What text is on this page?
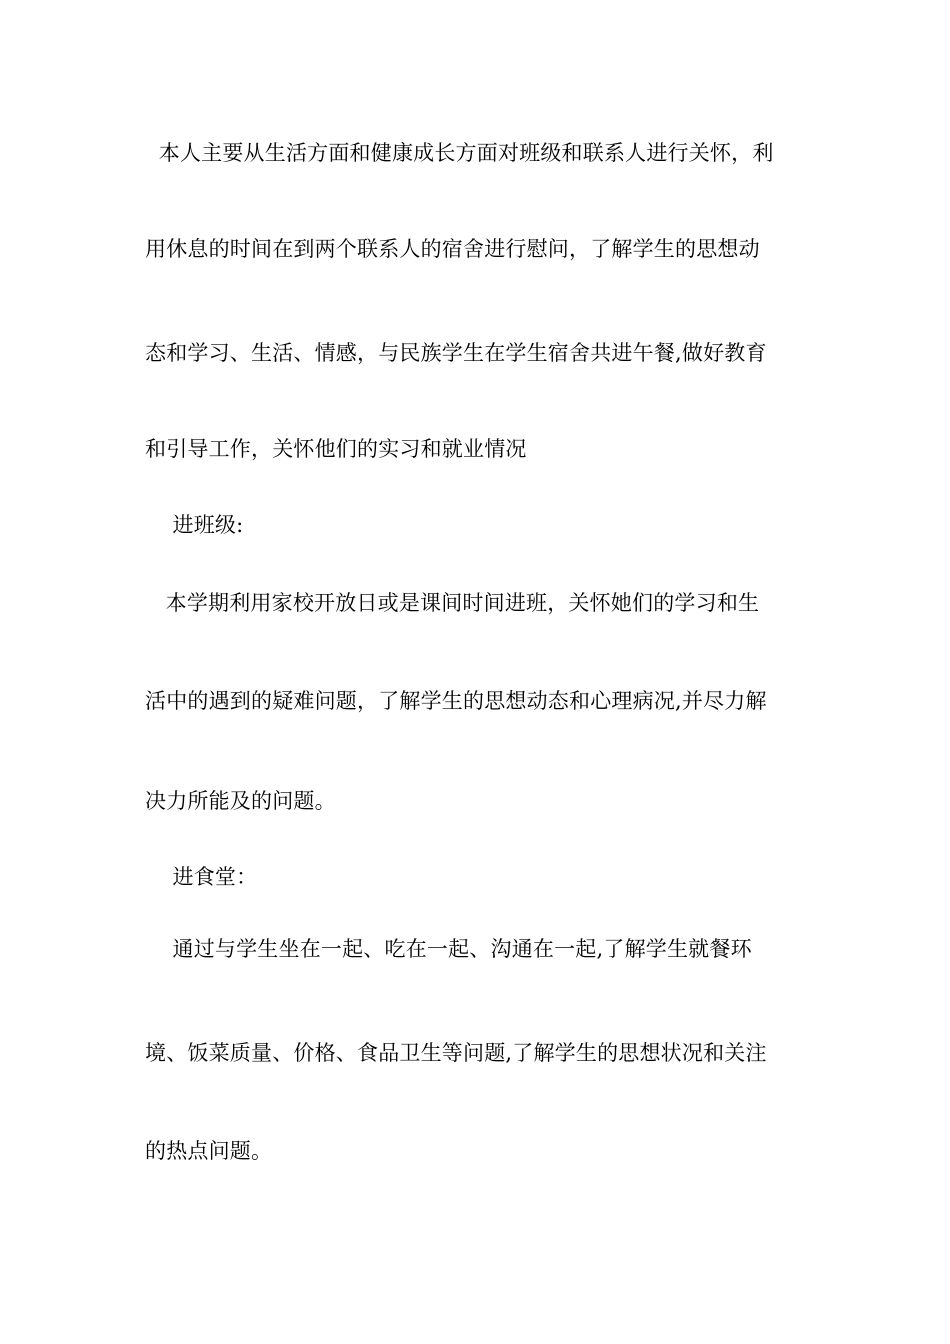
本人主要从生活方面和健康成长方面对班级和联系人进行关怀，利
用休息的时间在到两个联系人的宿舍进行慰问，了解学生的思想动
态和学习、生活、情感，与民族学生在学生宿舍共进午餐,做好教育
和引导工作，关怀他们的实习和就业情况
进班级:
本学期利用家校开放日或是课间时间进班，关怀她们的学习和生
活中的遇到的疑难问题，了解学生的思想动态和心理病况,并尽力解
决力所能及的问题。
进食堂：
通过与学生坐在一起、吃在一起、沟通在一起,了解学生就餐环
境、饭菜质量、价格、食品卫生等问题,了解学生的思想状况和关注
的热点问题。
